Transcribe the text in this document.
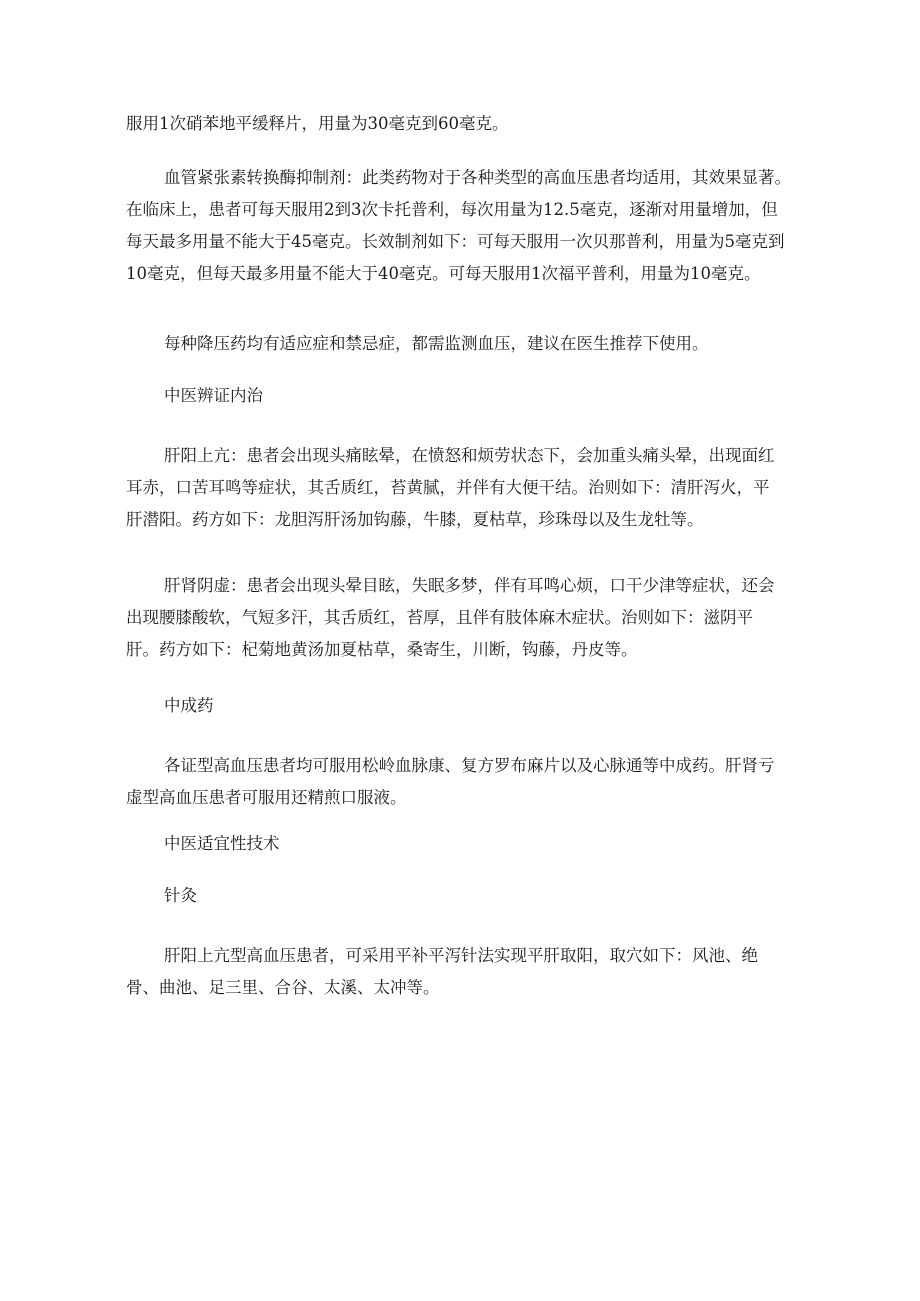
服用1次硝苯地平缓释片，用量为30毫克到60毫克。

血管紧张素转换酶抑制剂：此类药物对于各种类型的高血压患者均适用，其效果显著。
在临床上，患者可每天服用2到3次卡托普利，每次用量为12.5毫克，逐渐对用量增加，但
每天最多用量不能大于45毫克。长效制剂如下：可每天服用一次贝那普利，用量为5毫克到
10毫克，但每天最多用量不能大于40毫克。可每天服用1次福平普利，用量为10毫克。

每种降压药均有适应症和禁忌症，都需监测血压，建议在医生推荐下使用。

中医辨证内治

肝阳上亢：患者会出现头痛眩晕，在愤怒和烦劳状态下，会加重头痛头晕，出现面红
耳赤，口苦耳鸣等症状，其舌质红，苔黄腻，并伴有大便干结。治则如下：清肝泻火，平
肝潜阳。药方如下：龙胆泻肝汤加钩藤，牛膝，夏枯草，珍珠母以及生龙牡等。

肝肾阴虚：患者会出现头晕目眩，失眠多梦，伴有耳鸣心烦，口干少津等症状，还会
出现腰膝酸软，气短多汗，其舌质红，苔厚，且伴有肢体麻木症状。治则如下：滋阴平
肝。药方如下：杞菊地黄汤加夏枯草，桑寄生，川断，钩藤，丹皮等。

中成药

各证型高血压患者均可服用松岭血脉康、复方罗布麻片以及心脉通等中成药。肝肾亏
虚型高血压患者可服用还精煎口服液。

中医适宜性技术

针灸

肝阳上亢型高血压患者，可采用平补平泻针法实现平肝取阳，取穴如下：风池、绝
骨、曲池、足三里、合谷、太溪、太冲等。
